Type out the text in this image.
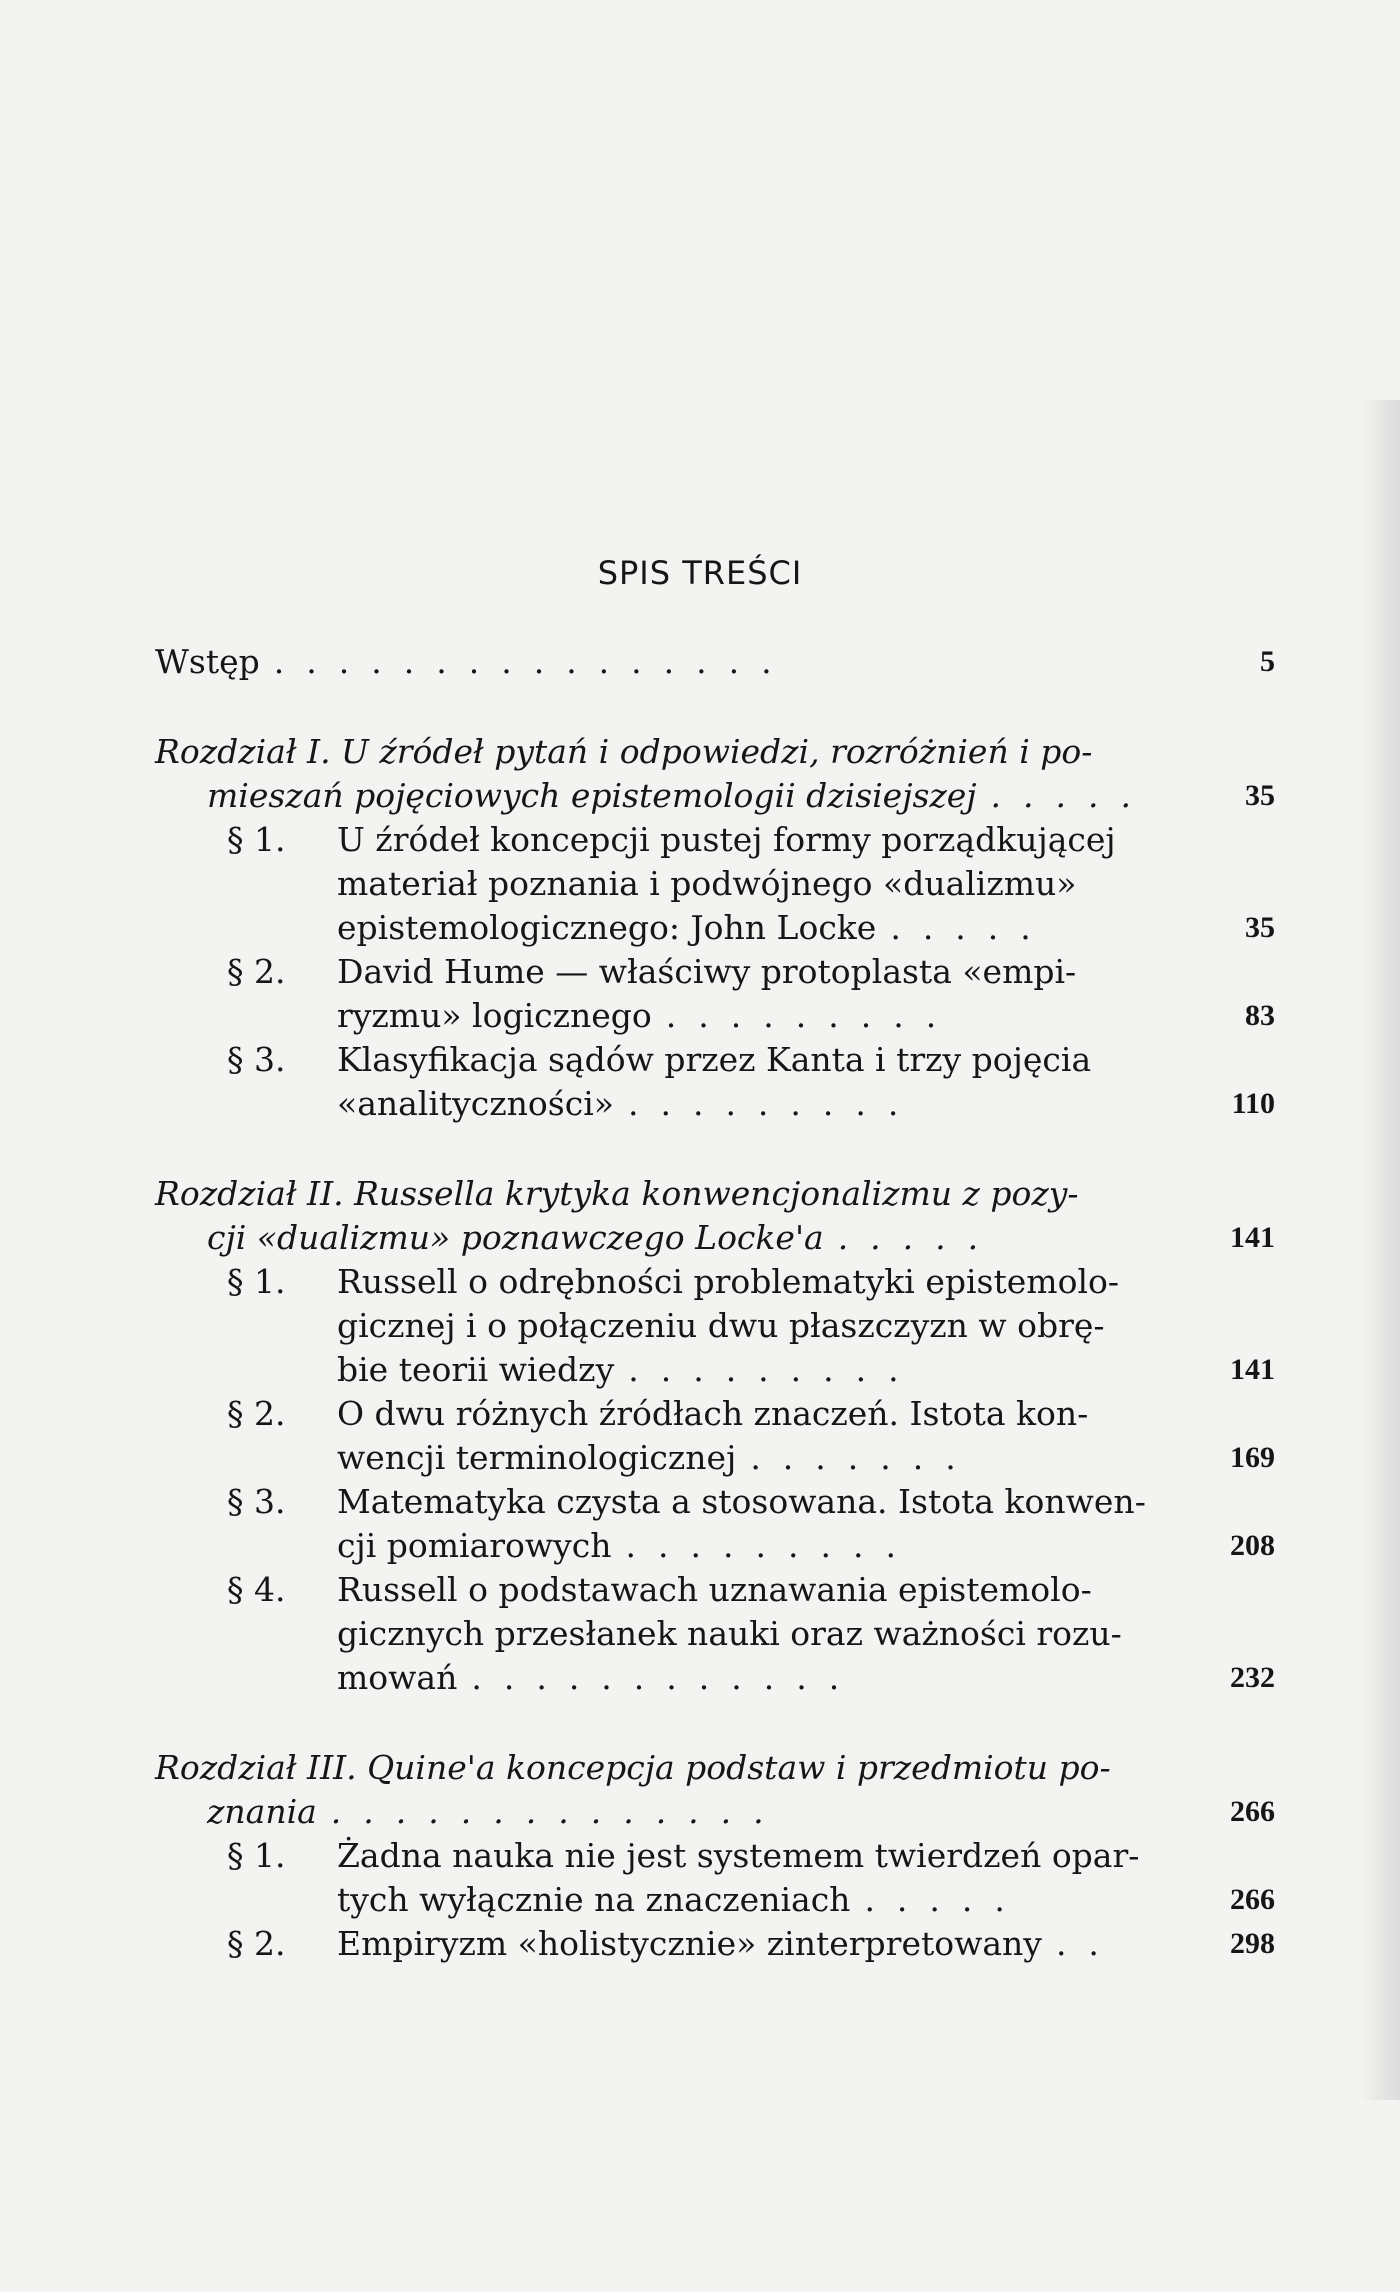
SPIS TREŚCI
Wstęp ................	5
Rozdział I. U źródeł pytań i odpowiedzi, rozróżnień i po-
mieszań pojęciowych epistemologii dzisiejszej .....	35
§ 1. U źródeł koncepcji pustej formy porządkującej
materiał poznania i podwójnego «dualizmu»
epistemologicznego: John Locke .....	35
§ 2. David Hume — właściwy protoplasta «empi-
ryzmu» logicznego .........	83
§ 3. Klasyfikacja sądów przez Kanta i trzy pojęcia
«analityczności» .........	110
Rozdział II. Russella krytyka konwencjonalizmu z pozy-
cji «dualizmu» poznawczego Locke'a .....	141
§ 1. Russell o odrębności problematyki epistemolo-
gicznej i o połączeniu dwu płaszczyzn w obrę-
bie teorii wiedzy .........	141
§ 2. O dwu różnych źródłach znaczeń. Istota kon-
wencji terminologicznej .......	169
§ 3. Matematyka czysta a stosowana. Istota konwen-
cji pomiarowych .........	208
§ 4. Russell o podstawach uznawania epistemolo-
gicznych przesłanek nauki oraz ważności rozu-
mowań ............	232
Rozdział III. Quine'a koncepcja podstaw i przedmiotu po-
znania ..............	266
§ 1. Żadna nauka nie jest systemem twierdzeń opar-
tych wyłącznie na znaczeniach .....	266
§ 2. Empiryzm «holistycznie» zinterpretowany ..	298
